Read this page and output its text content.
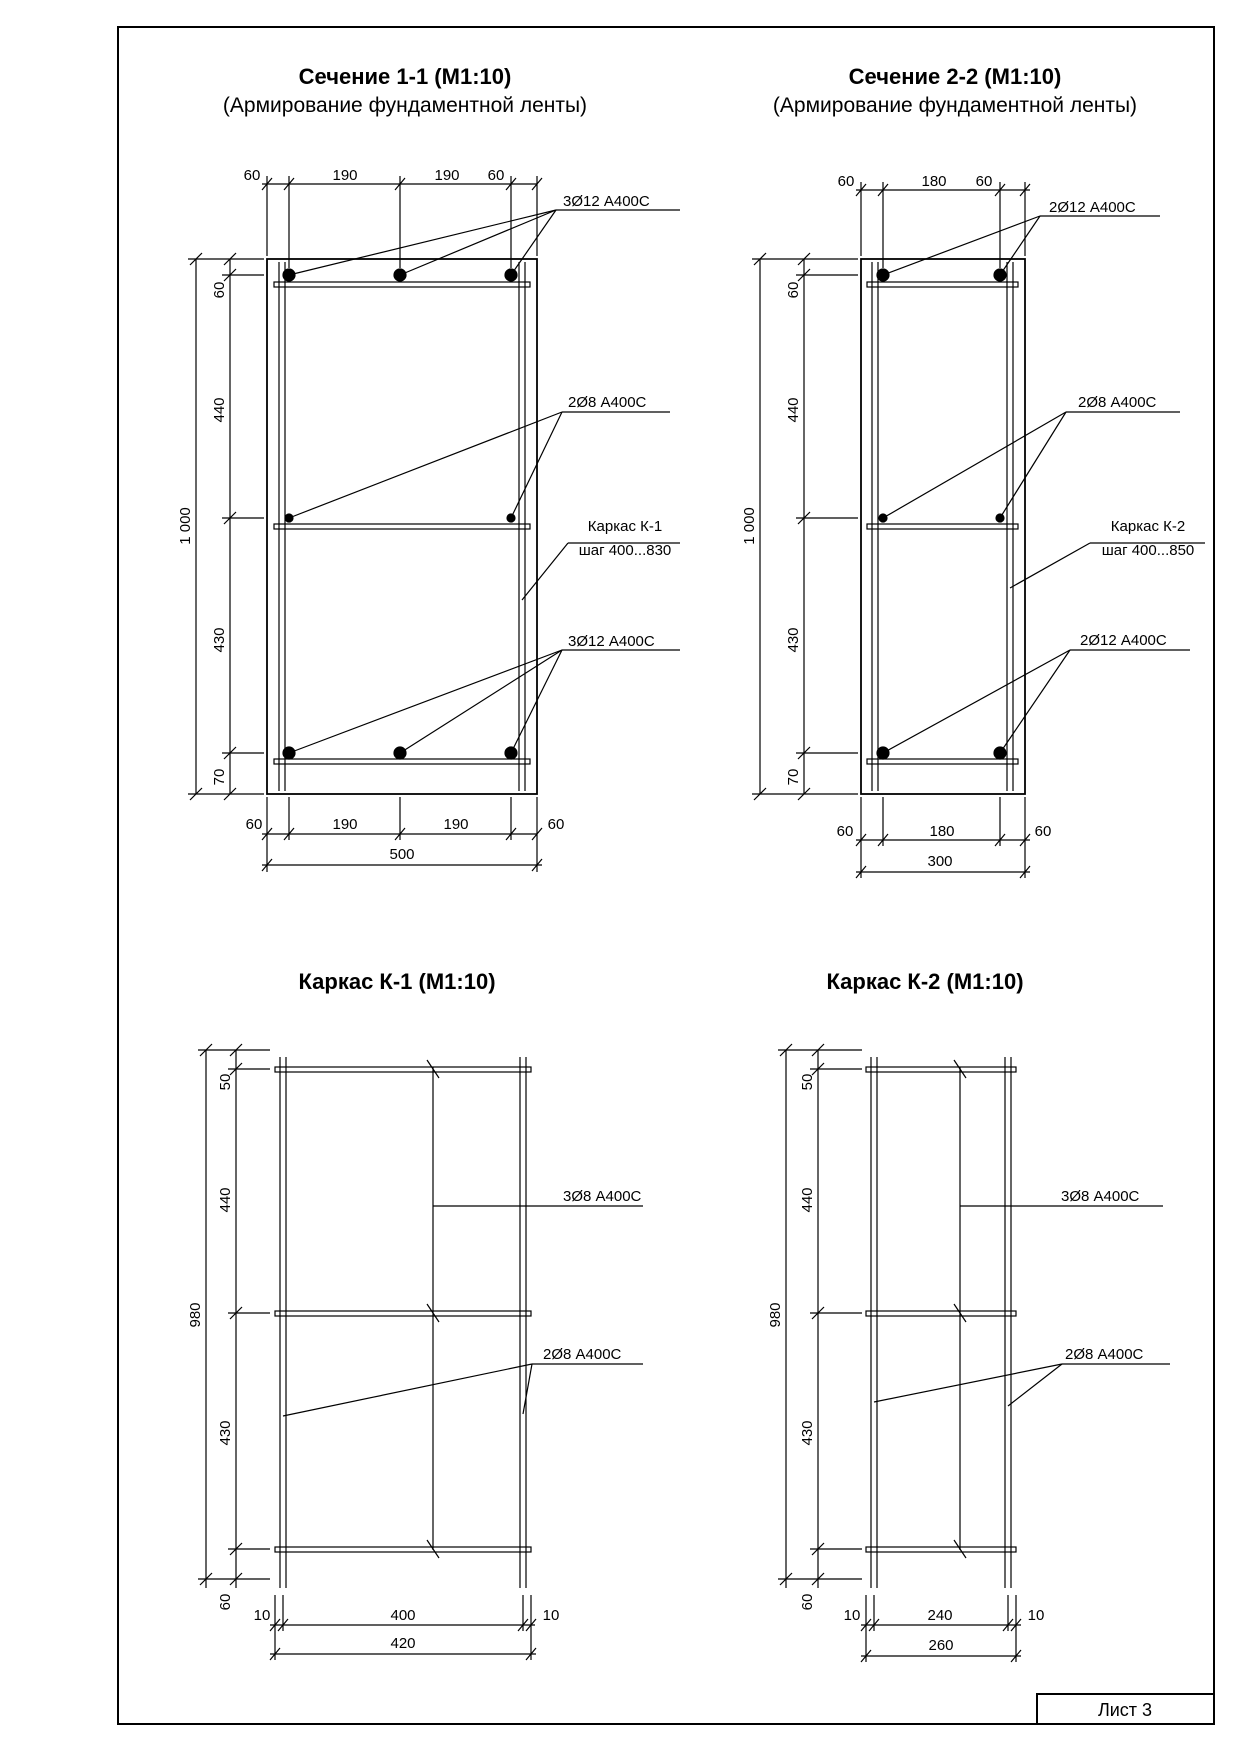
Лист 3
Сечение 1-1 (М1:10)
(Армирование фундаментной ленты)
60	190	190 60
1 000
60
440
430
70
60	190	190	60
500
3Ø12 А400С
2Ø8 А400С
Каркас К-1
шаг 400...830
3Ø12 А400С
Сечение 2-2 (М1:10)
(Армирование фундаментной ленты)
60	180 60
1 000
60
440
430
70
60	180	60
300
2Ø12 А400С
2Ø8 А400С
Каркас К-2
шаг 400...850
2Ø12 А400С
Каркас К-1 (М1:10)
980
50
440
430
60
10	400	10
420
3Ø8 А400С
2Ø8 А400С
Каркас К-2 (М1:10)
980
50
440
430
60
10	240	10
260
3Ø8 А400С
2Ø8 А400С
